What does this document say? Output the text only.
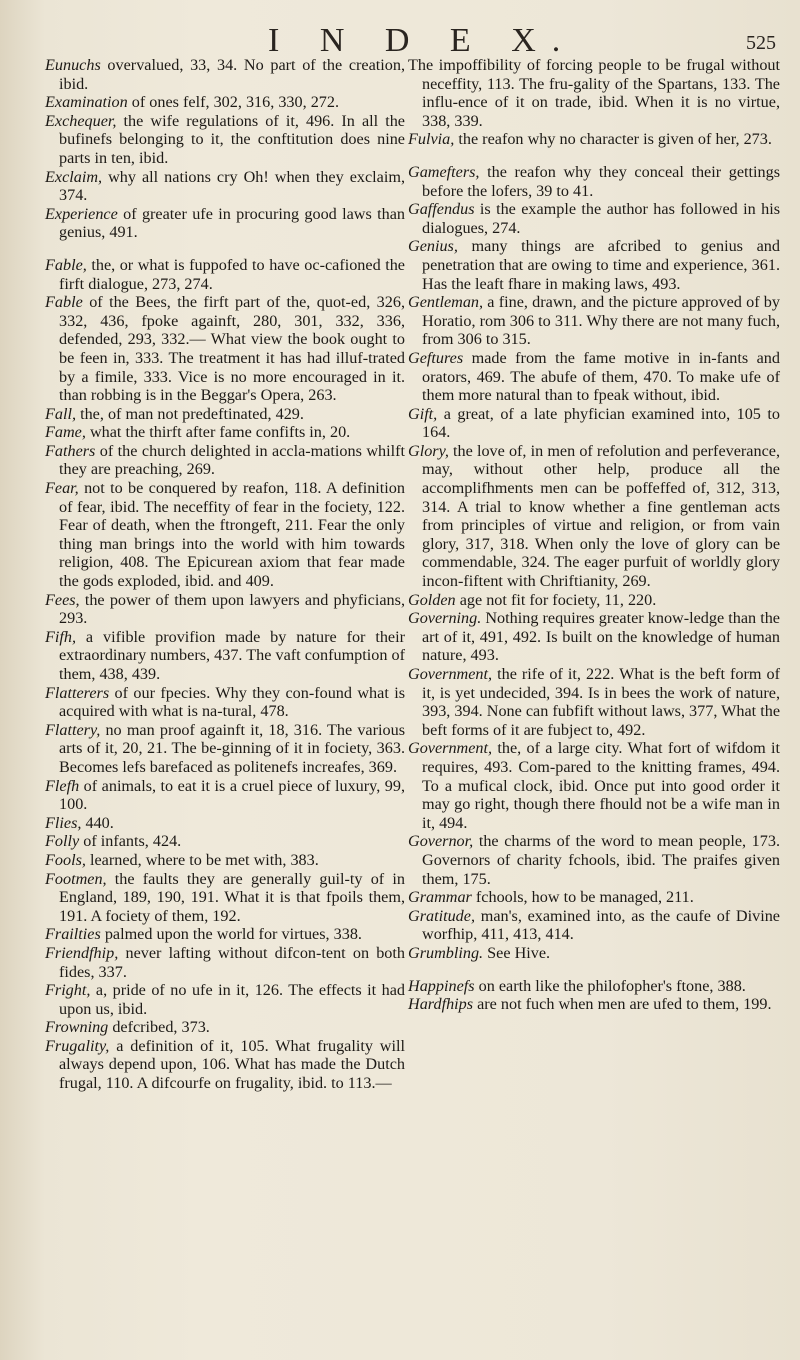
I N D E X.	525

Eunuchs overvalued, 33, 34. No part of the creation, ibid.

Examination of ones felf, 302, 316, 330, 272.

Exchequer, the wife regulations of it, 496. In all the bufinefs belonging to it, the conftitution does nine parts in ten, ibid.

Exclaim, why all nations cry Oh! when they exclaim, 374.

Experience of greater ufe in procuring good laws than genius, 491.

Fable, the, or what is fuppofed to have oc-cafioned the firft dialogue, 273, 274.

Fable of the Bees, the firft part of the, quot-ed, 326, 332, 436, fpoke againft, 280, 301, 332, 336, defended, 293, 332.— What view the book ought to be feen in, 333. The treatment it has had illuf-trated by a fimile, 333. Vice is no more encouraged in it. than robbing is in the Beggar's Opera, 263.

Fall, the, of man not predeftinated, 429.

Fame, what the thirft after fame confifts in, 20.

Fathers of the church delighted in accla-mations whilft they are preaching, 269.

Fear, not to be conquered by reafon, 118. A definition of fear, ibid. The neceffity of fear in the fociety, 122. Fear of death, when the ftrongeft, 211. Fear the only thing man brings into the world with him towards religion, 408. The Epicurean axiom that fear made the gods exploded, ibid. and 409.

Fees, the power of them upon lawyers and phyficians, 293.

Fifh, a vifible provifion made by nature for their extraordinary numbers, 437. The vaft confumption of them, 438, 439.

Flatterers of our fpecies. Why they con-found what is acquired with what is na-tural, 478.

Flattery, no man proof againft it, 18, 316. The various arts of it, 20, 21. The be-ginning of it in fociety, 363. Becomes lefs barefaced as politenefs increafes, 369.

Flefh of animals, to eat it is a cruel piece of luxury, 99, 100.

Flies, 440.

Folly of infants, 424.

Fools, learned, where to be met with, 383.

Footmen, the faults they are generally guil-ty of in England, 189, 190, 191. What it is that fpoils them, 191. A fociety of them, 192.

Frailties palmed upon the world for virtues, 338.

Friendfhip, never lafting without difcon-tent on both fides, 337.

Fright, a, pride of no ufe in it, 126. The effects it had upon us, ibid.

Frowning defcribed, 373.

Frugality, a definition of it, 105. What frugality will always depend upon, 106. What has made the Dutch frugal, 110. A difcourfe on frugality, ibid. to 113.—

The impoffibility of forcing people to be frugal without neceffity, 113. The fru-gality of the Spartans, 133. The influ-ence of it on trade, ibid. When it is no virtue, 338, 339.

Fulvia, the reafon why no character is given of her, 273.

Gamefters, the reafon why they conceal their gettings before the lofers, 39 to 41.

Gaffendus is the example the author has followed in his dialogues, 274.

Genius, many things are afcribed to genius and penetration that are owing to time and experience, 361. Has the leaft fhare in making laws, 493.

Gentleman, a fine, drawn, and the picture approved of by Horatio, rom 306 to 311. Why there are not many fuch, from 306 to 315.

Geftures made from the fame motive in in-fants and orators, 469. The abufe of them, 470. To make ufe of them more natural than to fpeak without, ibid.

Gift, a great, of a late phyfician examined into, 105 to 164.

Glory, the love of, in men of refolution and perfeverance, may, without other help, produce all the accomplifhments men can be poffeffed of, 312, 313, 314. A trial to know whether a fine gentleman acts from principles of virtue and religion, or from vain glory, 317, 318. When only the love of glory can be commendable, 324. The eager purfuit of worldly glory incon-fiftent with Chriftianity, 269.

Golden age not fit for fociety, 11, 220.

Governing. Nothing requires greater know-ledge than the art of it, 491, 492. Is built on the knowledge of human nature, 493.

Government, the rife of it, 222. What is the beft form of it, is yet undecided, 394. Is in bees the work of nature, 393, 394. None can fubfift without laws, 377, What the beft forms of it are fubject to, 492.

Government, the, of a large city. What fort of wifdom it requires, 493. Com-pared to the knitting frames, 494. To a mufical clock, ibid. Once put into good order it may go right, though there fhould not be a wife man in it, 494.

Governor, the charms of the word to mean people, 173. Governors of charity fchools, ibid. The praifes given them, 175.

Grammar fchools, how to be managed, 211.

Gratitude, man's, examined into, as the caufe of Divine worfhip, 411, 413, 414.

Grumbling. See Hive.

Happinefs on earth like the philofopher's ftone, 388.

Hardfhips are not fuch when men are ufed to them, 199.
